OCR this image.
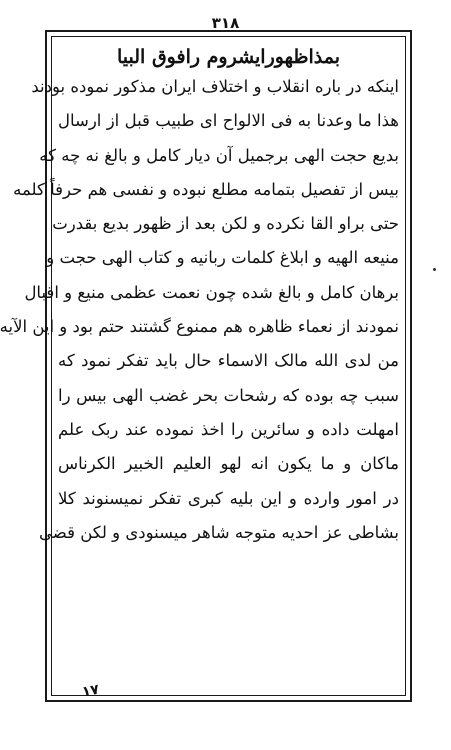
۳۱۸
بمذاظهورايشروم رافوق البيا
اینکه در باره انقلاب و اختلاف ایران مذکور نموده بودند
هذا ما وعدنا به فی الالواح ای طبیب قبل از ارسال
بدیع حجت الهی برجمیل آن دیار کامل و بالغ نه چه که
بیس از تفصیل بتمامه مطلع نبوده و نفسی هم حرفاً کلمه
حتی براو القا نکرده و لکن بعد از ظهور بدیع بقدرت
منیعه الهیه و ابلاغ کلمات ربانیه و کتاب الهی حجت و
برهان کامل و بالغ شده چون نعمت عظمی منیع و اقبال
نمودند از نعماء ظاهره هم ممنوع گشتند حتم بود و این الآیه
من لدی الله مالک الاسماء حال باید تفکر نمود که
سبب چه بوده که رشحات بحر غضب الهی بیس را
امهلت داده و سائرین را اخذ نموده عند ربک علم
ماکان و ما یکون انه لهو العلیم الخبیر الکرناس
در امور وارده و این بلیه کبری تفکر نمیسنوند کلا
بشاطی عز احدیه متوجه شاهر میسنودی و لکن قضی
۱۷
